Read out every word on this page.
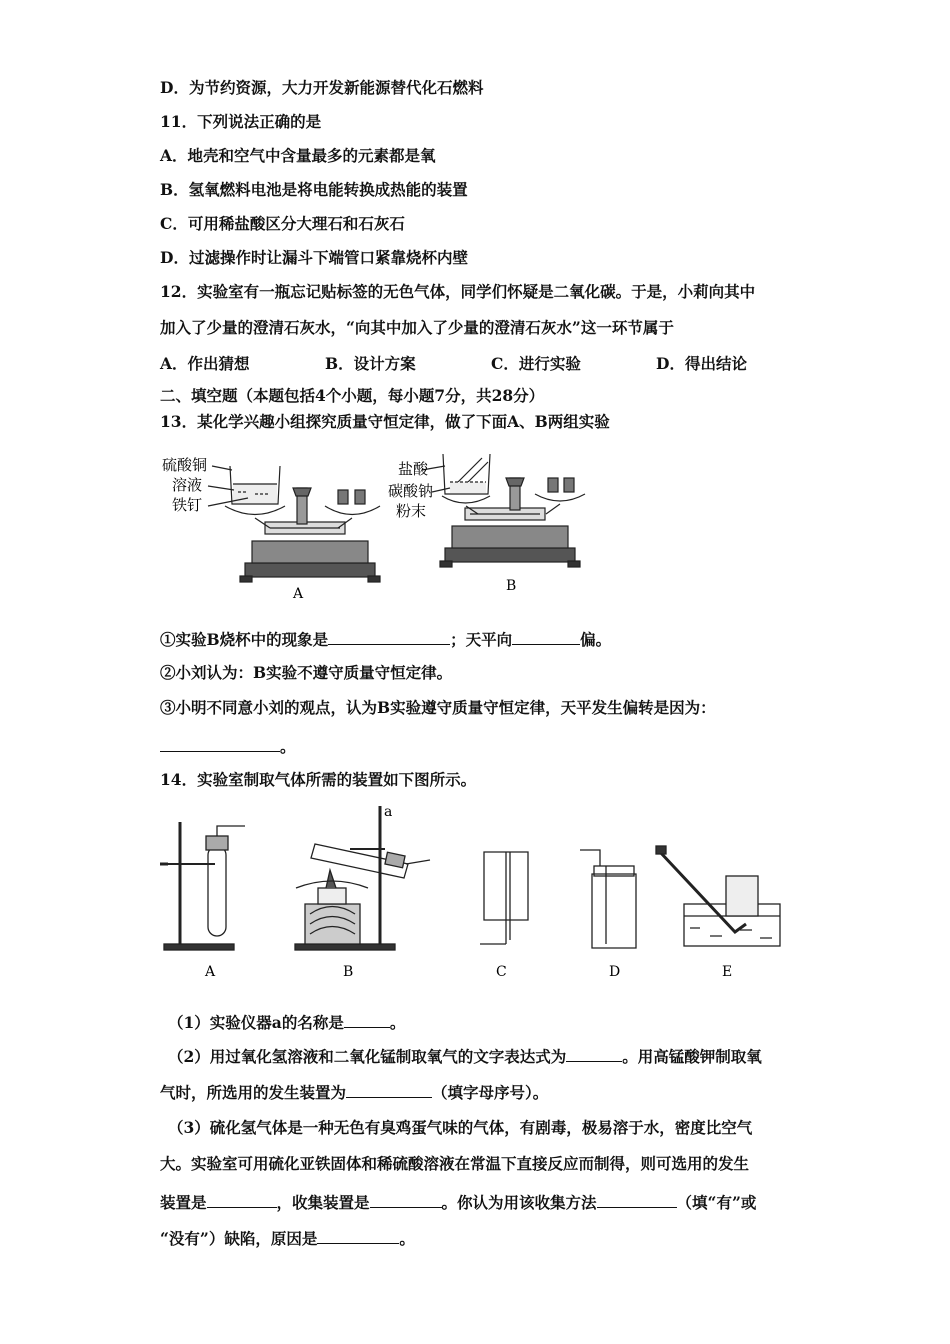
D．为节约资源，大力开发新能源替代化石燃料
11．下列说法正确的是
A．地壳和空气中含量最多的元素都是氧
B．氢氧燃料电池是将电能转换成热能的装置
C．可用稀盐酸区分大理石和石灰石
D．过滤操作时让漏斗下端管口紧靠烧杯内壁
12．实验室有一瓶忘记贴标签的无色气体，同学们怀疑是二氧化碳。于是，小莉向其中
加入了少量的澄清石灰水，“向其中加入了少量的澄清石灰水”这一环节属于
A．作出猜想	B．设计方案	C．进行实验	D．得出结论
二、填空题（本题包括4个小题，每小题7分，共28分）
13．某化学兴趣小组探究质量守恒定律，做了下面A、B两组实验
硫酸铜
溶液
铁钉
A
盐酸
碳酸钠
粉末
B
①实验B烧杯中的现象是	；天平向	偏。
②小刘认为：B实验不遵守质量守恒定律。
③小明不同意小刘的观点，认为B实验遵守质量守恒定律，天平发生偏转是因为：
。
14．实验室制取气体所需的装置如下图所示。
A
a
B	C	D	E
（1）实验仪器a的名称是	。
（2）用过氧化氢溶液和二氧化锰制取氧气的文字表达式为	。用高锰酸钾制取氧
气时，所选用的发生装置为	（填字母序号）。
（3）硫化氢气体是一种无色有臭鸡蛋气味的气体，有剧毒，极易溶于水，密度比空气
大。实验室可用硫化亚铁固体和稀硫酸溶液在常温下直接反应而制得，则可选用的发生
装置是	，收集装置是	。你认为用该收集方法	（填“有”或
“没有”）缺陷，原因是	。
